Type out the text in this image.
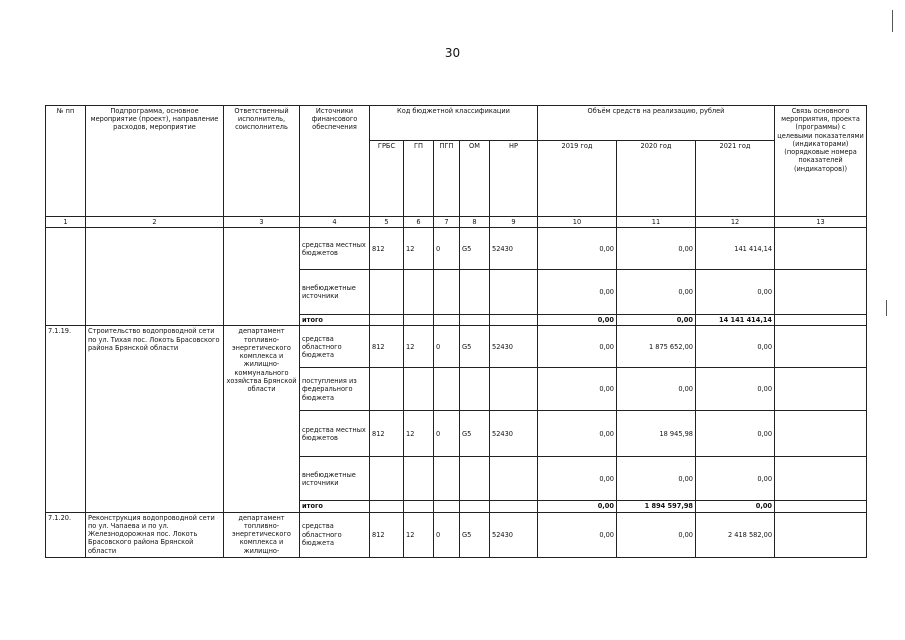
30
№ пп	Подпрограмма, основное мероприятие (проект), направление расходов, мероприятие	Ответственный исполнитель, соисполнитель	Источники финансового обеспечения	Код бюджетной классификации					Объём средств на реализацию, рублей			Связь основного мероприятия, проекта (программы) с целевыми показателями (индикаторами) (порядковые номера показателей (индикаторов))
				ГРБС	ГП	ПГП	ОМ	НР	2019 год	2020 год	2021 год	
1	2	3	4	5	6	7	8	9	10	11	12	13
			средства местных бюджетов	812	12	0	G5	52430	0,00	0,00	141 414,14	
			внебюджетные источники						0,00	0,00	0,00	
			итого						0,00	0,00	14 141 414,14	
7.1.19.	Строительство водопроводной сети по ул. Тихая пос. Локоть Брасовского района Брянской области	департамент топливно-энергетического комплекса и жилищно-коммунального хозяйства Брянской области	средства областного бюджета	812	12	0	G5	52430	0,00	1 875 652,00	0,00	
			поступления из федерального бюджета						0,00	0,00	0,00	
			средства местных бюджетов	812	12	0	G5	52430	0,00	18 945,98	0,00	
			внебюджетные источники						0,00	0,00	0,00	
			итого						0,00	1 894 597,98	0,00	
7.1.20.	Реконструкция водопроводной сети по ул. Чапаева и по ул. Железнодорожная пос. Локоть Брасовского района Брянской области	департамент топливно-энергетического комплекса и жилищно-	средства областного бюджета	812	12	0	G5	52430	0,00	0,00	2 418 582,00	
